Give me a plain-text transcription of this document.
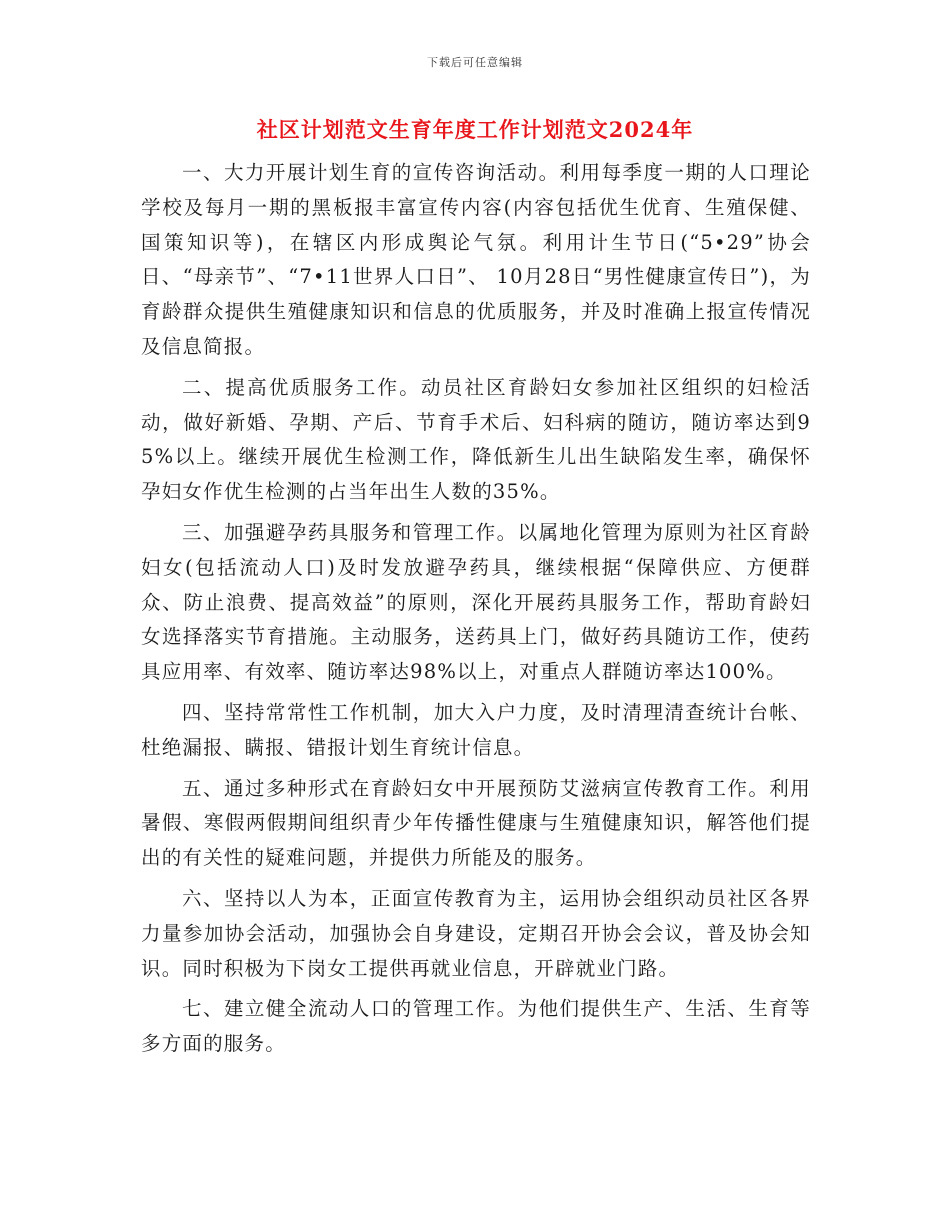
下载后可任意编辑
社区计划范文生育年度工作计划范文2024年

一、大力开展计划生育的宣传咨询活动。利用每季度一期的人口理论学校及每月一期的黑板报丰富宣传内容(内容包括优生优育、生殖保健、国策知识等)，在辖区内形成舆论气氛。利用计生节日(“5•29”协会日、“母亲节”、“7•11世界人口日”、 10月28日“男性健康宣传日”)，为育龄群众提供生殖健康知识和信息的优质服务，并及时准确上报宣传情况及信息简报。

二、提高优质服务工作。动员社区育龄妇女参加社区组织的妇检活动，做好新婚、孕期、产后、节育手术后、妇科病的随访，随访率达到95%以上。继续开展优生检测工作，降低新生儿出生缺陷发生率，确保怀孕妇女作优生检测的占当年出生人数的35%。

三、加强避孕药具服务和管理工作。以属地化管理为原则为社区育龄妇女(包括流动人口)及时发放避孕药具，继续根据“保障供应、方便群众、防止浪费、提高效益”的原则，深化开展药具服务工作，帮助育龄妇女选择落实节育措施。主动服务，送药具上门，做好药具随访工作，使药具应用率、有效率、随访率达98%以上，对重点人群随访率达100%。

四、坚持常常性工作机制，加大入户力度，及时清理清查统计台帐、杜绝漏报、瞒报、错报计划生育统计信息。

五、通过多种形式在育龄妇女中开展预防艾滋病宣传教育工作。利用暑假、寒假两假期间组织青少年传播性健康与生殖健康知识，解答他们提出的有关性的疑难问题，并提供力所能及的服务。

六、坚持以人为本，正面宣传教育为主，运用协会组织动员社区各界力量参加协会活动，加强协会自身建设，定期召开协会会议，普及协会知识。同时积极为下岗女工提供再就业信息，开辟就业门路。

七、建立健全流动人口的管理工作。为他们提供生产、生活、生育等多方面的服务。
